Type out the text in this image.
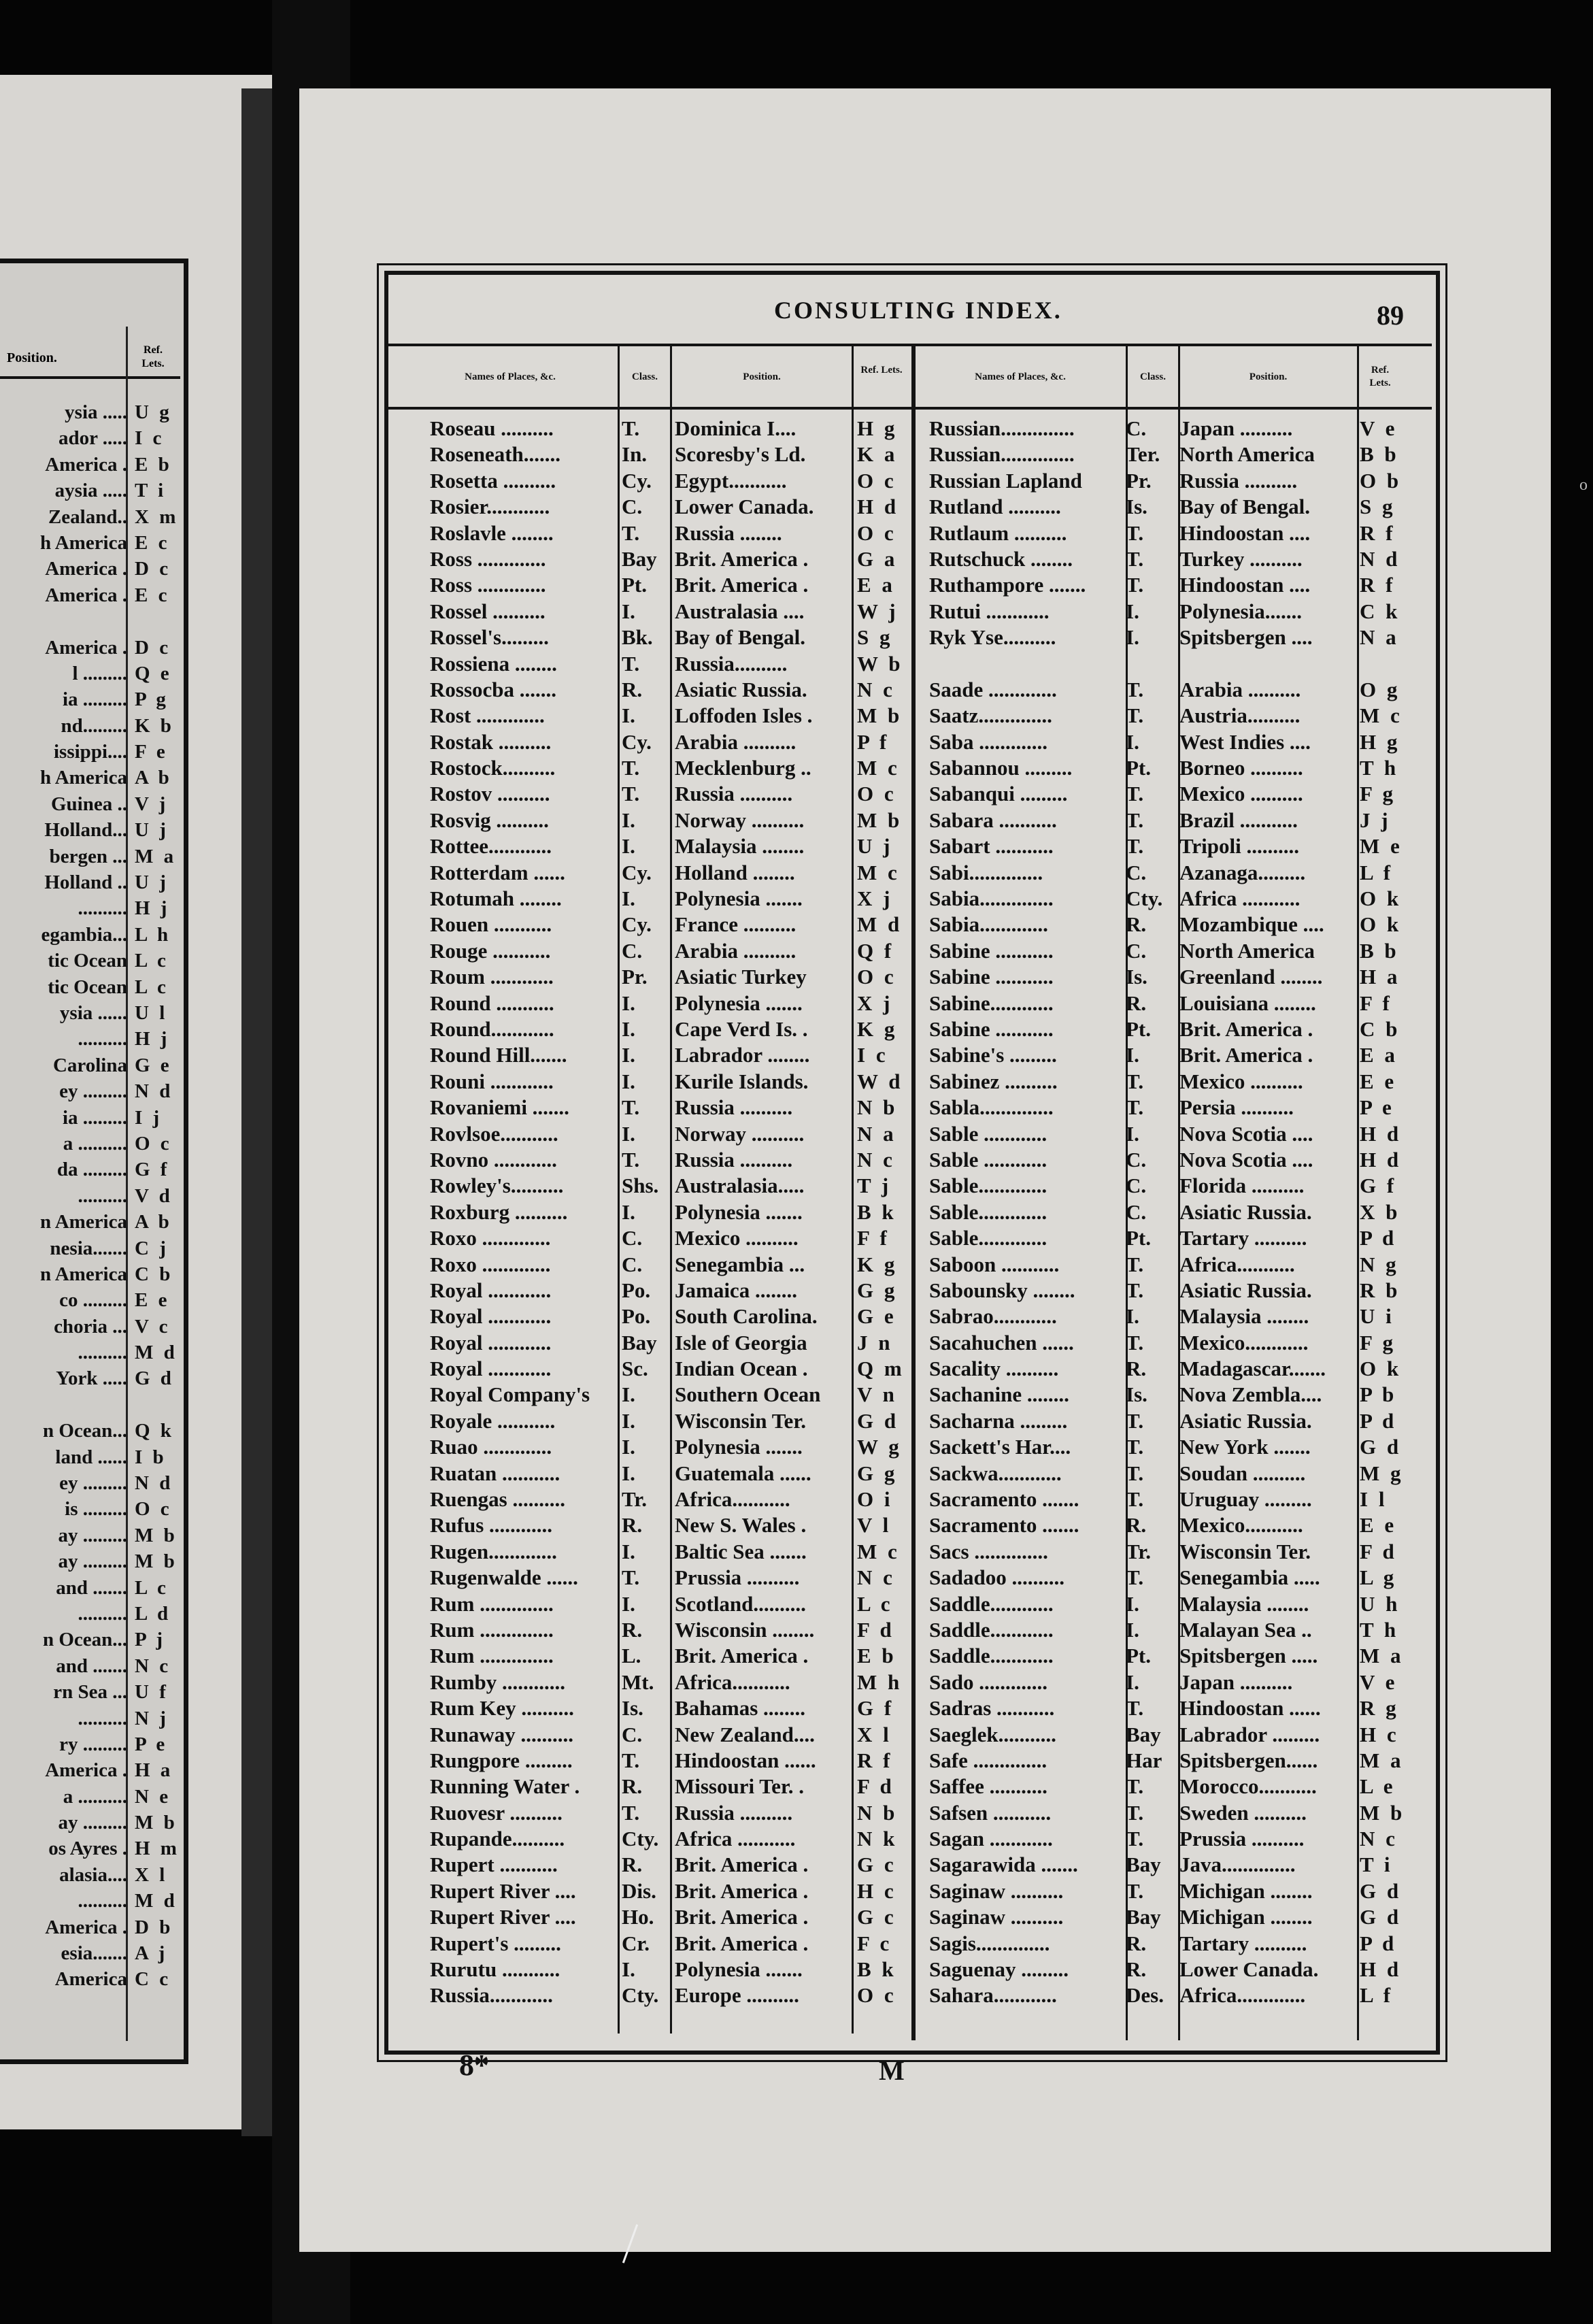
Position.
Ref. Lets.
ysia ..... U g
ador ..... I c
America . E b
aysia ..... T i
Zealand.. X m
h America E c
America . D c
America . E c
America . D c
l ......... Q e
ia ......... P g
nd......... K b
issippi.... F e
h America A b
Guinea .. V j
Holland... U j
bergen ... M a
Holland .. U j
.......... H j
egambia... L h
tic Ocean L c
tic Ocean L c
ysia ...... U l
.......... H j
Carolina G e
ey ......... N d
ia ......... I j
a .......... O c
da ......... G f
.......... V d
n America A b
nesia....... C j
n America C b
co ......... E e
choria ... V c
.......... M d
York ..... G d
n Ocean... Q k
land ...... I b
ey ......... N d
is ......... O c
ay ......... M b
ay ......... M b
and ....... L c
.......... L d
n Ocean... P j
and ....... N c
rn Sea ... U f
.......... N j
ry ......... P e
America . H a
a .......... N e
ay ......... M b
os Ayres . H m
alasia.... X l
.......... M d
America . D b
esia....... A j
America C c
CONSULTING INDEX.	89
Names of Places, &c.	Class.	Position.
Ref. Lets.
Names of Places, &c.	Class.	Position.
Ref. Lets.
Roseau ..........	T. Dominica I....	H g
Roseneath.......	In. Scoresby's Ld. K a
Rosetta ..........	Cy. Egypt...........	O c
Rosier............	C. Lower Canada. H d
Roslavle ........	T. Russia ........	O c
Ross .............	Bay Brit. America . G a
Ross .............	Pt. Brit. America . E a
Rossel ..........	I. Australasia ....	W j
Rossel's.........	Bk. Bay of Bengal. S g
Rossiena ........	T. Russia..........	W b
Rossocba .......	R. Asiatic Russia. N c
Rost .............	I. Loffoden Isles . M b
Rostak ..........	Cy. Arabia ..........	P f
Rostock..........	T. Mecklenburg .. M c
Rostov ..........	T. Russia ..........	O c
Rosvig ..........	I. Norway ..........	M b
Rottee............	I. Malaysia ........	U j
Rotterdam ......	Cy. Holland ........	M c
Rotumah ........	I. Polynesia .......	X j
Rouen ...........	Cy. France ..........	M d
Rouge ...........	C. Arabia ..........	Q f
Roum ............	Pr. Asiatic Turkey O c
Round ...........	I. Polynesia .......	X j
Round............	I. Cape Verd Is. . K g
Round Hill.......	I. Labrador ........ I c
Rouni ............	I. Kurile Islands. W d
Rovaniemi ....... T. Russia ..........	N b
Rovlsoe...........	I. Norway ..........	N a
Rovno ............	T. Russia ..........	N c
Rowley's..........	Shs. Australasia.....	T j
Roxburg ..........	I. Polynesia .......	B k
Roxo .............	C. Mexico ..........	F f
Roxo .............	C. Senegambia ... K g
Royal ............	Po. Jamaica ........	G g
Royal ............	Po. South Carolina. G e
Royal ............	Bay Isle of Georgia J n
Royal ............	Sc. Indian Ocean . Q m
Royal Company's I. Southern Ocean V n
Royale ...........	I. Wisconsin Ter. G d
Ruao .............	I. Polynesia .......	W g
Ruatan ...........	I. Guatemala ...... G g
Ruengas ..........	Tr. Africa...........	O i
Rufus ............	R. New S. Wales . V l
Rugen.............	I. Baltic Sea ....... M c
Rugenwalde ...... T. Prussia ..........	N c
Rum ..............	I. Scotland.......... L c
Rum ..............	R. Wisconsin ........ F d
Rum ..............	L. Brit. America . E b
Rumby ............	Mt. Africa...........	M h
Rum Key .......... Is. Bahamas ........ G f
Runaway .......... C. New Zealand.... X l
Rungpore ......... T. Hindoostan ...... R f
Running Water . R. Missouri Ter. .	F d
Ruovesr ..........	T. Russia ..........	N b
Rupande..........	Cty. Africa ...........	N k
Rupert ...........	R. Brit. America . G c
Rupert River .... Dis. Brit. America . H c
Rupert River .... Ho. Brit. America . G c
Rupert's .........	Cr. Brit. America . F c
Rurutu ...........	I. Polynesia .......	B k
Russia............	Cty. Europe ..........	O c
Russian.............. C. Japan ..........	V e
Russian.............. Ter. North America B b
Russian Lapland Pr. Russia ..........	O b
Rutland ..........	Is. Bay of Bengal. S g
Rutlaum ..........	T. Hindoostan .... R f
Rutschuck ........	T. Turkey ..........	N d
Ruthampore ....... T. Hindoostan .... R f
Rutui ............	I. Polynesia.......	C k
Ryk Yse..........	I. Spitsbergen .... N a
Saade .............	T. Arabia ..........	O g
Saatz..............	T. Austria..........	M c
Saba .............	I. West Indies .... H g
Sabannou .........	Pt. Borneo ..........	T h
Sabanqui .........	T. Mexico ..........	F g
Sabara ...........	T. Brazil ...........	J j
Sabart ...........	T. Tripoli ..........	M e
Sabi..............	C. Azanaga.........	L f
Sabia..............	Cty. Africa ...........	O k
Sabia.............	R. Mozambique .... O k
Sabine ...........	C. North America B b
Sabine ...........	Is. Greenland ........ H a
Sabine............	R. Louisiana ........ F f
Sabine ...........	Pt. Brit. America . C b
Sabine's .........	I. Brit. America . E a
Sabinez ..........	T. Mexico ..........	E e
Sabla..............	T. Persia ..........	P e
Sable ............	I. Nova Scotia .... H d
Sable ............	C. Nova Scotia .... H d
Sable.............	C. Florida ..........	G f
Sable.............	C. Asiatic Russia. X b
Sable.............	Pt. Tartary ..........	P d
Saboon ...........	T. Africa...........	N g
Sabounsky ........ T. Asiatic Russia. R b
Sabrao............	I. Malaysia ........ U i
Sacahuchen ...... T. Mexico............ F g
Sacality ..........	R. Madagascar....... O k
Sachanine ........	Is. Nova Zembla.... P b
Sacharna .........	T. Asiatic Russia. P d
Sackett's Har....	T. New York ....... G d
Sackwa............	T. Soudan ..........	M g
Sacramento ....... T. Uruguay ......... I l
Sacramento ....... R. Mexico...........	E e
Sacs ..............	Tr. Wisconsin Ter. F d
Sadadoo ..........	T. Senegambia ..... L g
Saddle............	I. Malaysia ........ U h
Saddle............	I. Malayan Sea .. T h
Saddle............	Pt. Spitsbergen ..... M a
Sado .............	I. Japan ..........	V e
Sadras ...........	T. Hindoostan ...... R g
Saeglek...........	Bay Labrador ......... H c
Safe ..............	Har Spitsbergen...... M a
Saffee ...........	T. Morocco........... L e
Safsen ...........	T. Sweden ..........	M b
Sagan ............	T. Prussia ..........	N c
Sagarawida ....... Bay Java..............	T i
Saginaw ..........	T. Michigan ........ G d
Saginaw ..........	Bay Michigan ........ G d
Sagis..............	R. Tartary ..........	P d
Saguenay .........	R. Lower Canada. H d
Sahara............	Des. Africa.............	L f
8*	M
o
